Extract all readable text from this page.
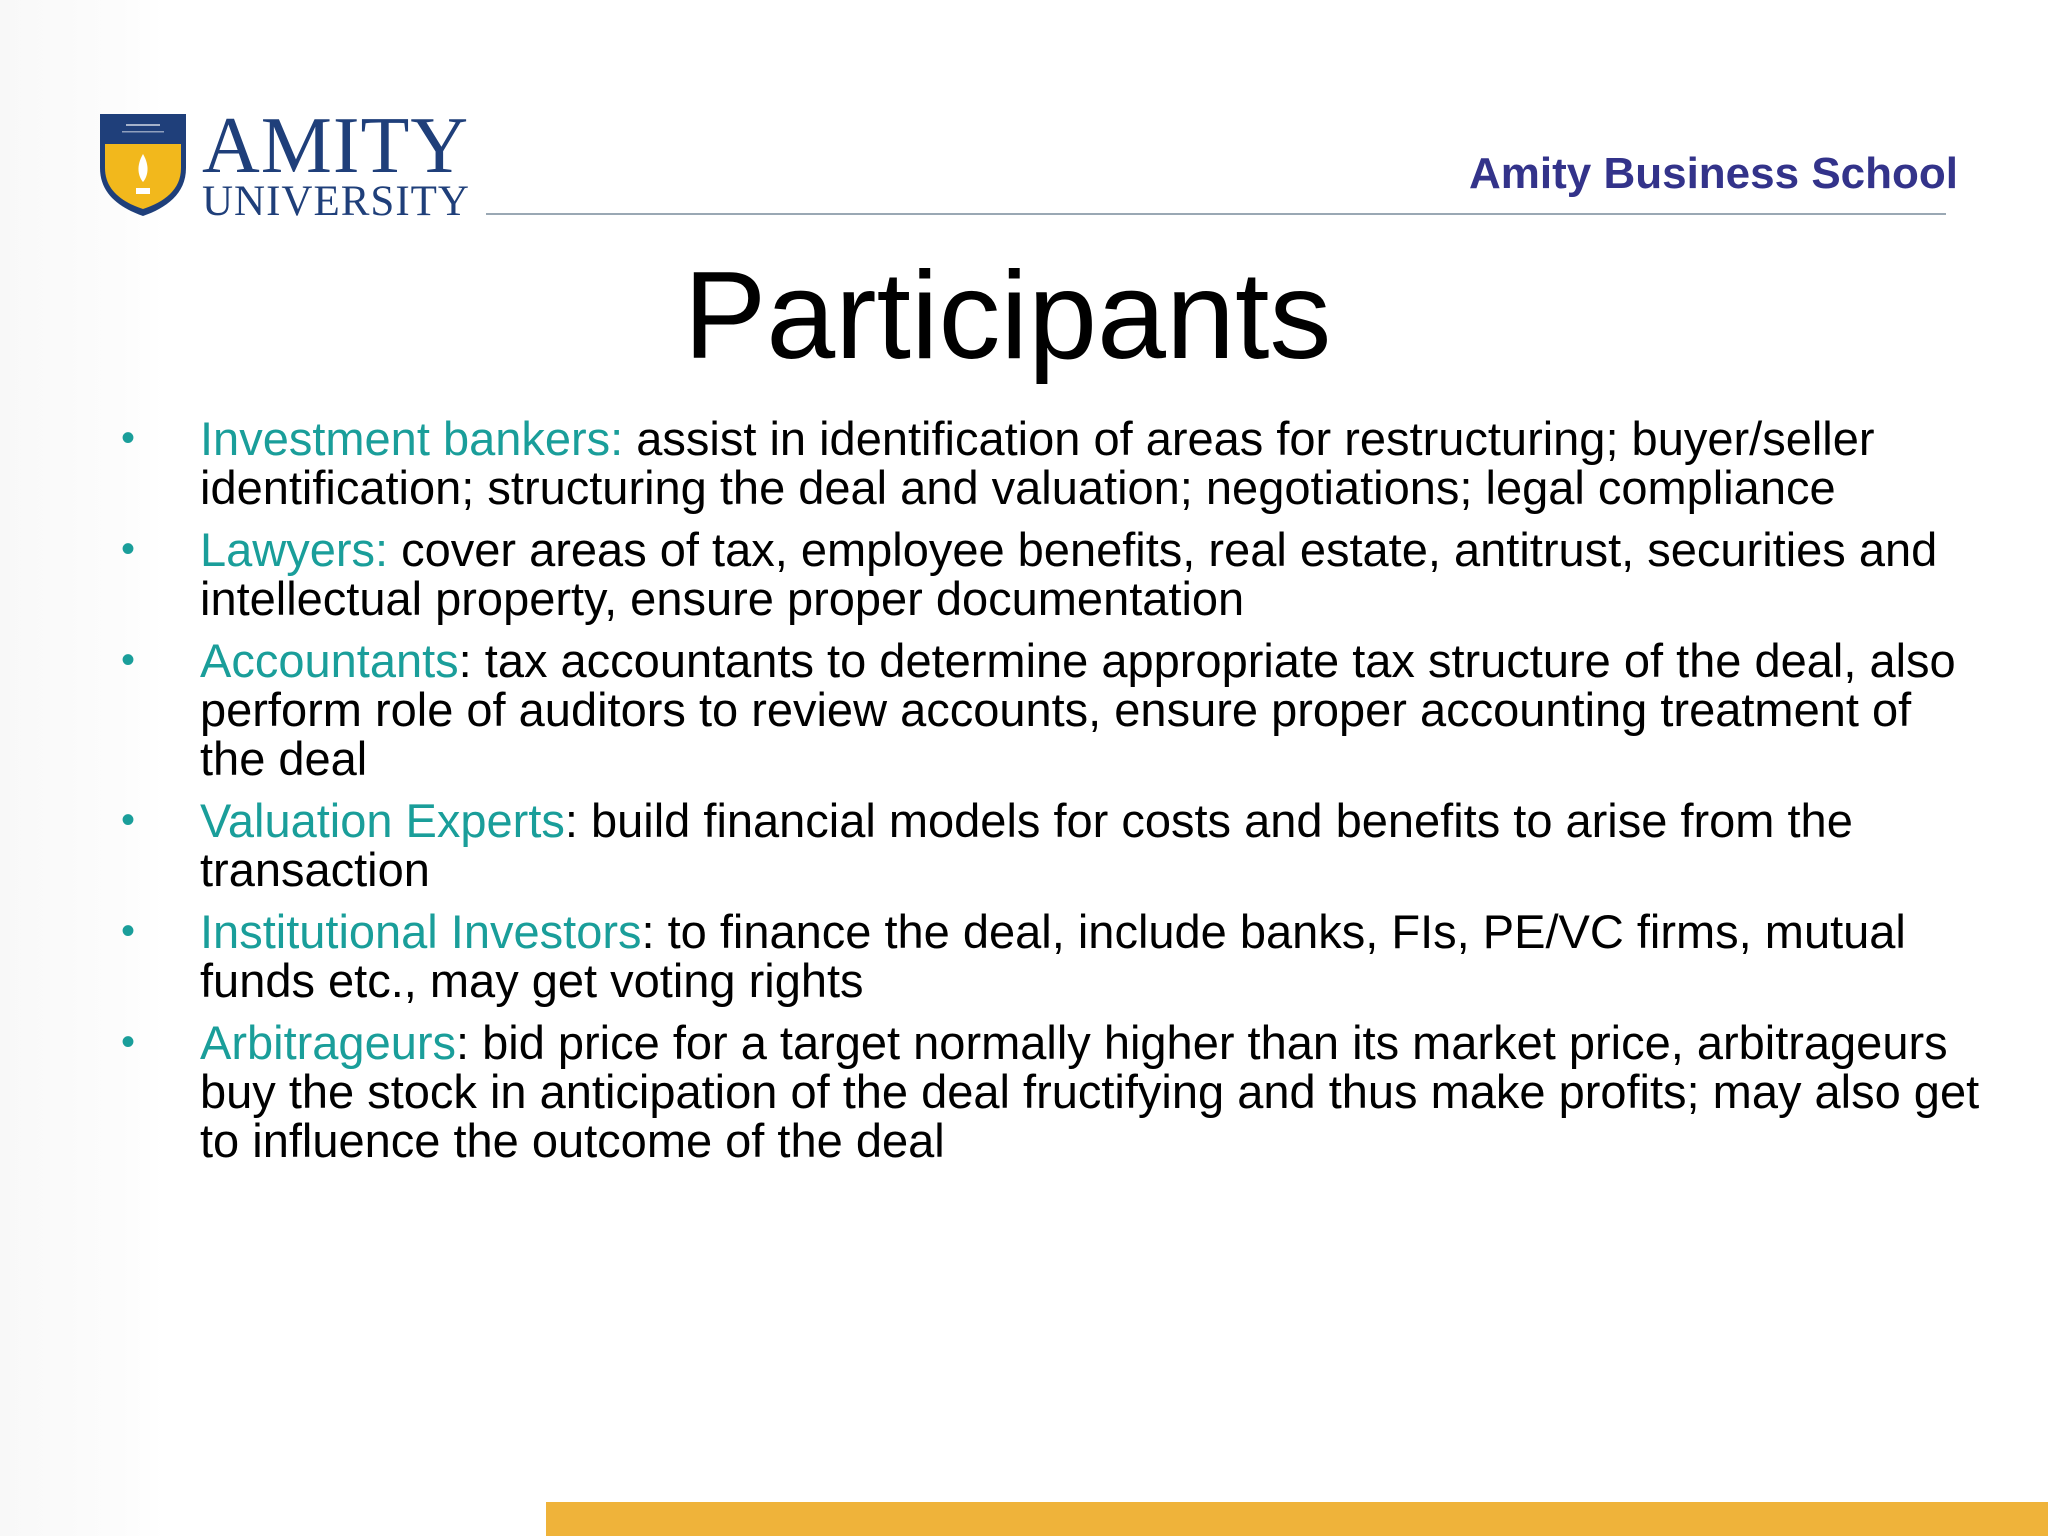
AMITY
UNIVERSITY
Amity Business School
Participants
• Investment bankers: assist in identification of areas for restructuring; buyer/seller identification; structuring the deal and valuation; negotiations; legal compliance
• Lawyers: cover areas of tax, employee benefits, real estate, antitrust, securities and intellectual property, ensure proper documentation
• Accountants: tax accountants to determine appropriate tax structure of the deal, also perform role of auditors to review accounts, ensure proper accounting treatment of the deal
• Valuation Experts: build financial models for costs and benefits to arise from the transaction
• Institutional Investors: to finance the deal, include banks, FIs, PE/VC firms, mutual funds etc., may get voting rights
• Arbitrageurs: bid price for a target normally higher than its market price, arbitrageurs buy the stock in anticipation of the deal fructifying and thus make profits; may also get to influence the outcome of the deal
